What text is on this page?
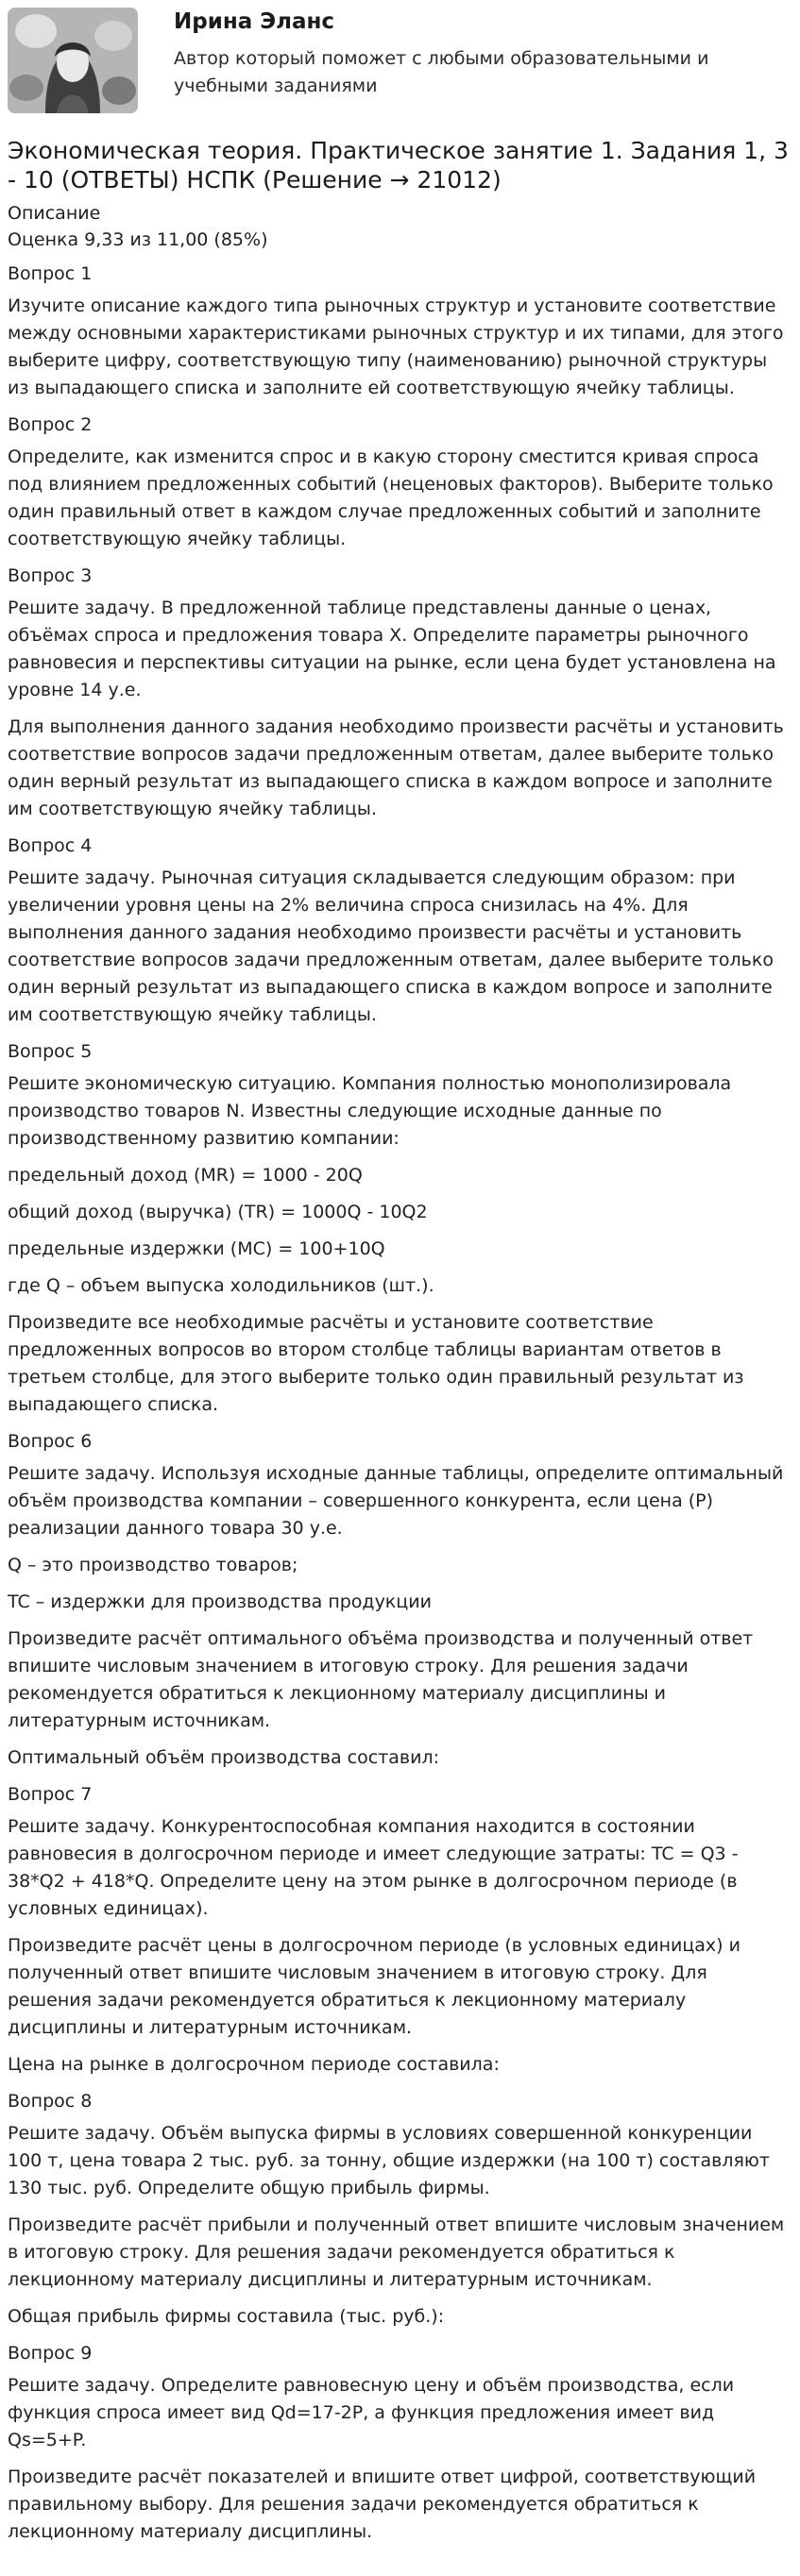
Ирина Эланс
Автор который поможет с любыми образовательными и учебными заданиями
Экономическая теория. Практическое занятие 1. Задания 1, 3 - 10 (ОТВЕТЫ) НСПК (Решение → 21012)
Описание
Оценка 9,33 из 11,00 (85%)
Вопрос 1

Изучите описание каждого типа рыночных структур и установите соответствие между основными характеристиками рыночных структур и их типами, для этого выберите цифру, соответствующую типу (наименованию) рыночной структуры из выпадающего списка и заполните ей соответствующую ячейку таблицы.

Вопрос 2

Определите, как изменится спрос и в какую сторону сместится кривая спроса под влиянием предложенных событий (неценовых факторов). Выберите только один правильный ответ в каждом случае предложенных событий и заполните соответствующую ячейку таблицы.

Вопрос 3

Решите задачу. В предложенной таблице представлены данные о ценах, объёмах спроса и предложения товара X. Определите параметры рыночного равновесия и перспективы ситуации на рынке, если цена будет установлена на уровне 14 у.е.

Для выполнения данного задания необходимо произвести расчёты и установить соответствие вопросов задачи предложенным ответам, далее выберите только один верный результат из выпадающего списка в каждом вопросе и заполните им соответствующую ячейку таблицы.

Вопрос 4

Решите задачу. Рыночная ситуация складывается следующим образом: при увеличении уровня цены на 2% величина спроса снизилась на 4%. Для выполнения данного задания необходимо произвести расчёты и установить соответствие вопросов задачи предложенным ответам, далее выберите только один верный результат из выпадающего списка в каждом вопросе и заполните им соответствующую ячейку таблицы.

Вопрос 5

Решите экономическую ситуацию. Компания полностью монополизировала производство товаров N. Известны следующие исходные данные по производственному развитию компании:

предельный доход (MR) = 1000 - 20Q

общий доход (выручка) (TR) = 1000Q - 10Q2

предельные издержки (MC) = 100+10Q

где Q – объем выпуска холодильников (шт.).

Произведите все необходимые расчёты и установите соответствие предложенных вопросов во втором столбце таблицы вариантам ответов в третьем столбце, для этого выберите только один правильный результат из выпадающего списка.

Вопрос 6

Решите задачу. Используя исходные данные таблицы, определите оптимальный объём производства компании – совершенного конкурента, если цена (P) реализации данного товара 30 у.е.

Q – это производство товаров;

TC – издержки для производства продукции

Произведите расчёт оптимального объёма производства и полученный ответ впишите числовым значением в итоговую строку. Для решения задачи рекомендуется обратиться к лекционному материалу дисциплины и литературным источникам.

Оптимальный объём производства составил:

Вопрос 7

Решите задачу. Конкурентоспособная компания находится в состоянии равновесия в долгосрочном периоде и имеет следующие затраты: TC = Q3 - 38*Q2 + 418*Q. Определите цену на этом рынке в долгосрочном периоде (в условных единицах).

Произведите расчёт цены в долгосрочном периоде (в условных единицах) и полученный ответ впишите числовым значением в итоговую строку. Для решения задачи рекомендуется обратиться к лекционному материалу дисциплины и литературным источникам.

Цена на рынке в долгосрочном периоде составила:

Вопрос 8

Решите задачу. Объём выпуска фирмы в условиях совершенной конкуренции 100 т, цена товара 2 тыс. руб. за тонну, общие издержки (на 100 т) составляют 130 тыс. руб. Определите общую прибыль фирмы.

Произведите расчёт прибыли и полученный ответ впишите числовым значением в итоговую строку. Для решения задачи рекомендуется обратиться к лекционному материалу дисциплины и литературным источникам.

Общая прибыль фирмы составила (тыс. руб.):

Вопрос 9

Решите задачу. Определите равновесную цену и объём производства, если функция спроса имеет вид Qd=17-2P, а функция предложения имеет вид Qs=5+P.

Произведите расчёт показателей и впишите ответ цифрой, соответствующий правильному выбору. Для решения задачи рекомендуется обратиться к лекционному материалу дисциплины.
